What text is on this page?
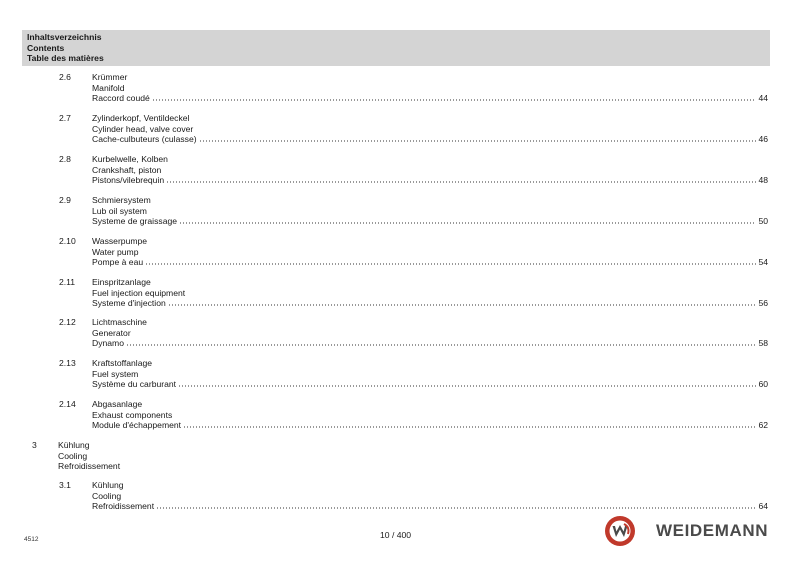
Inhaltsverzeichnis
Contents
Table des matières
2.6 Krümmer
Manifold
Raccord coudé	44
2.7 Zylinderkopf, Ventildeckel
Cylinder head, valve cover
Cache-culbuteurs (culasse)	46
2.8 Kurbelwelle, Kolben
Crankshaft, piston
Pistons/vilebrequin	48
2.9 Schmiersystem
Lub oil system
Systeme de graissage	50
2.10 Wasserpumpe
Water pump
Pompe à eau	54
2.11 Einspritzanlage
Fuel injection equipment
Systeme d'injection	56
2.12 Lichtmaschine
Generator
Dynamo	58
2.13 Kraftstoffanlage
Fuel system
Système du carburant	60
2.14 Abgasanlage
Exhaust components
Module d'échappement	62
3 Kühlung
Cooling
Refroidissement
3.1 Kühlung
Cooling
Refroidissement	64
4512	10 / 400	WEIDEMANN
